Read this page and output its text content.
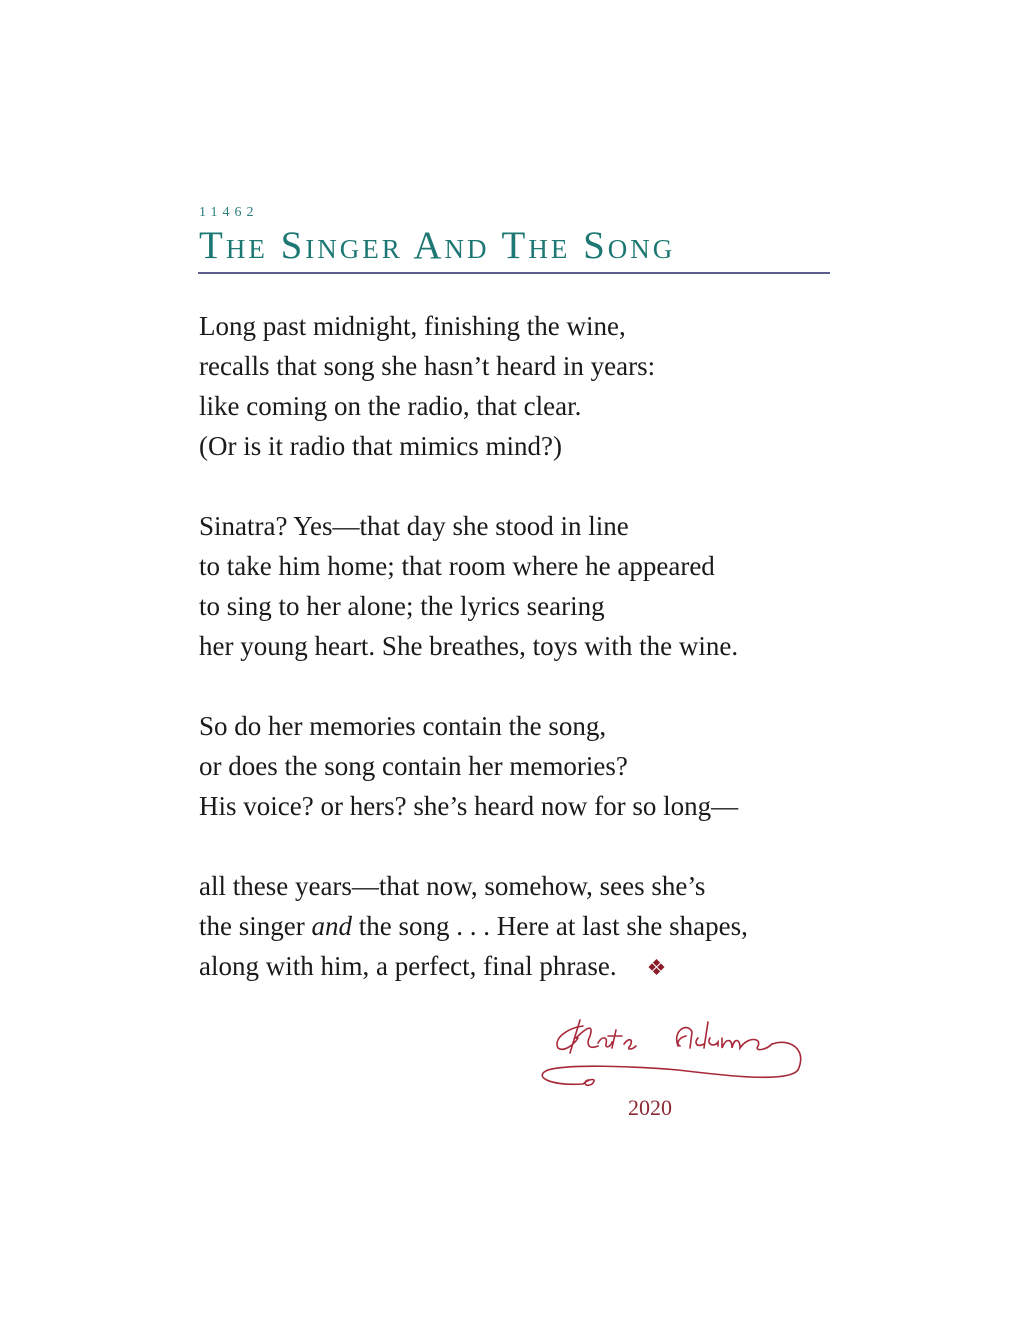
11462
The Singer And The Song
Long past midnight, finishing the wine,
recalls that song she hasn’t heard in years:
like coming on the radio, that clear.
(Or is it radio that mimics mind?)
Sinatra? Yes—that day she stood in line
to take him home; that room where he appeared
to sing to her alone; the lyrics searing
her young heart. She breathes, toys with the wine.
So do her memories contain the song,
or does the song contain her memories?
His voice? or hers? she’s heard now for so long—
all these years—that now, somehow, sees she’s
the singer and the song . . . Here at last she shapes,
along with him, a perfect, final phrase. ❖
2020
